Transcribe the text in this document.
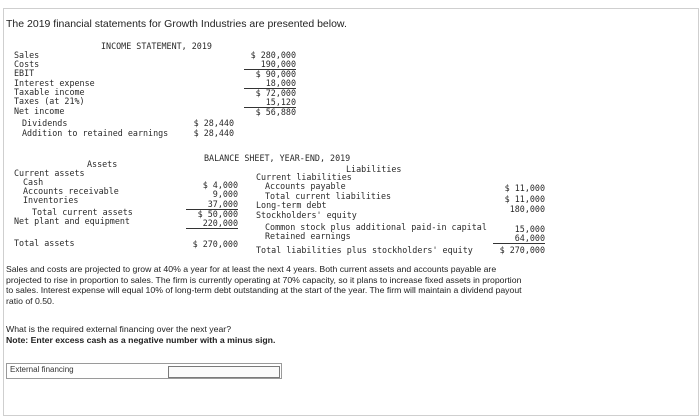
The 2019 financial statements for Growth Industries are presented below.
INCOME STATEMENT, 2019
Sales
Costs
EBIT
Interest expense
Taxable income
Taxes (at 21%)
Net income
Dividends
Addition to retained earnings
$ 280,000
190,000
$ 90,000
18,000
$ 72,000
15,120
$ 56,880
$ 28,440
$ 28,440
BALANCE SHEET, YEAR-END, 2019
Assets	Liabilities
Current assets
Cash
Accounts receivable
Inventories
Total current assets
Net plant and equipment
Total assets
$ 4,000
9,000
37,000
$ 50,000
220,000
$ 270,000
Current liabilities
Accounts payable
Total current liabilities
Long-term debt
Stockholders' equity
Common stock plus additional paid-in capital
Retained earnings
Total liabilities plus stockholders' equity
$ 11,000
$ 11,000
180,000
15,000
64,000
$ 270,000
Sales and costs are projected to grow at 40% a year for at least the next 4 years. Both current assets and accounts payable are
projected to rise in proportion to sales. The firm is currently operating at 70% capacity, so it plans to increase fixed assets in proportion
to sales. Interest expense will equal 10% of long-term debt outstanding at the start of the year. The firm will maintain a dividend payout
ratio of 0.50.
What is the required external financing over the next year?
Note: Enter excess cash as a negative number with a minus sign.
External financing
